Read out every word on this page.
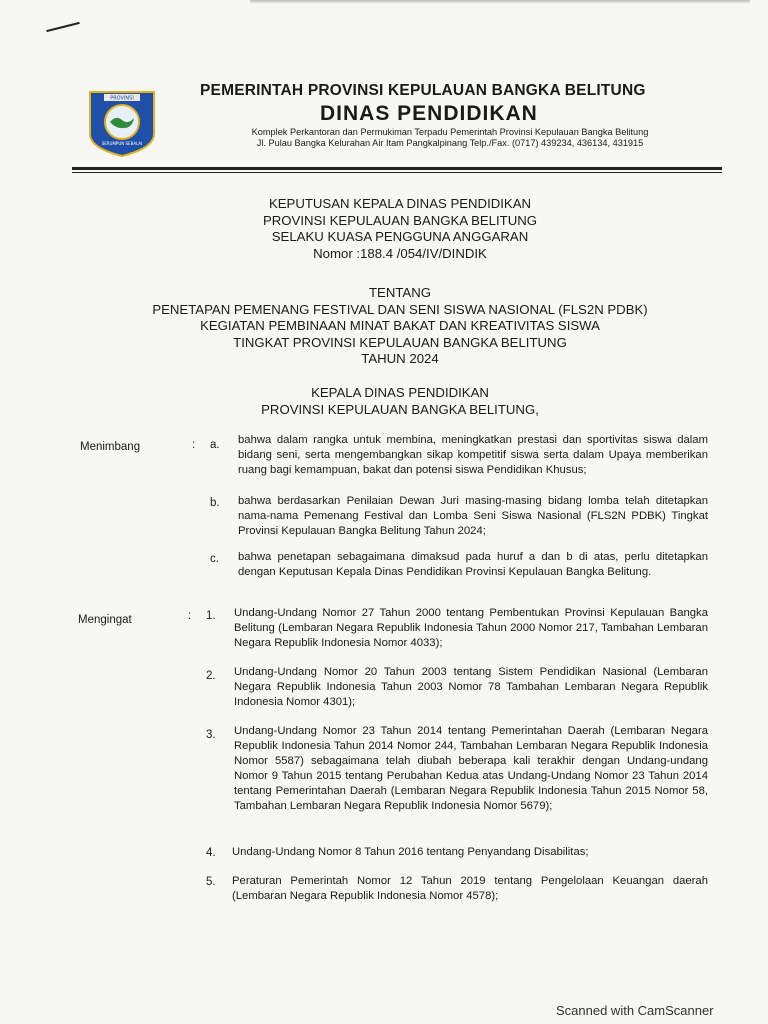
PROVINSI
SERUMPUN SEBALAI
PEMERINTAH PROVINSI KEPULAUAN BANGKA BELITUNG
DINAS PENDIDIKAN
Komplek Perkantoran dan Permukiman Terpadu Pemerintah Provinsi Kepulauan Bangka Belitung
Jl. Pulau Bangka Kelurahan Air Itam Pangkalpinang Telp./Fax. (0717) 439234, 436134, 431915
KEPUTUSAN KEPALA DINAS PENDIDIKAN
PROVINSI KEPULAUAN BANGKA BELITUNG
SELAKU KUASA PENGGUNA ANGGARAN
Nomor :188.4 /054/IV/DINDIK
TENTANG
PENETAPAN PEMENANG FESTIVAL DAN SENI SISWA NASIONAL (FLS2N PDBK)
KEGIATAN PEMBINAAN MINAT BAKAT DAN KREATIVITAS SISWA
TINGKAT PROVINSI KEPULAUAN BANGKA BELITUNG
TAHUN 2024
KEPALA DINAS PENDIDIKAN
PROVINSI KEPULAUAN BANGKA BELITUNG,
Menimbang	: a. bahwa dalam rangka untuk membina, meningkatkan prestasi dan sportivitas siswa dalam bidang seni, serta mengembangkan sikap kompetitif siswa serta dalam Upaya memberikan ruang bagi kemampuan, bakat dan potensi siswa Pendidikan Khusus;
b. bahwa berdasarkan Penilaian Dewan Juri masing-masing bidang lomba telah ditetapkan nama-nama Pemenang Festival dan Lomba Seni Siswa Nasional (FLS2N PDBK) Tingkat Provinsi Kepulauan Bangka Belitung Tahun 2024;
c. bahwa penetapan sebagaimana dimaksud pada huruf a dan b di atas, perlu ditetapkan dengan Keputusan Kepala Dinas Pendidikan Provinsi Kepulauan Bangka Belitung.
Mengingat	: 1. Undang-Undang Nomor 27 Tahun 2000 tentang Pembentukan Provinsi Kepulauan Bangka Belitung (Lembaran Negara Republik Indonesia Tahun 2000 Nomor 217, Tambahan Lembaran Negara Republik Indonesia Nomor 4033);
2. Undang-Undang Nomor 20 Tahun 2003 tentang Sistem Pendidikan Nasional (Lembaran Negara Republik Indonesia Tahun 2003 Nomor 78 Tambahan Lembaran Negara Republik Indonesia Nomor 4301);
3. Undang-Undang Nomor 23 Tahun 2014 tentang Pemerintahan Daerah (Lembaran Negara Republik Indonesia Tahun 2014 Nomor 244, Tambahan Lembaran Negara Republik Indonesia Nomor 5587) sebagaimana telah diubah beberapa kali terakhir dengan Undang-undang Nomor 9 Tahun 2015 tentang Perubahan Kedua atas Undang-Undang Nomor 23 Tahun 2014 tentang Pemerintahan Daerah (Lembaran Negara Republik Indonesia Tahun 2015 Nomor 58, Tambahan Lembaran Negara Republik Indonesia Nomor 5679);
4. Undang-Undang Nomor 8 Tahun 2016 tentang Penyandang Disabilitas;
5. Peraturan Pemerintah Nomor 12 Tahun 2019 tentang Pengelolaan Keuangan daerah (Lembaran Negara Republik Indonesia Nomor 4578);
Scanned with CamScanner
